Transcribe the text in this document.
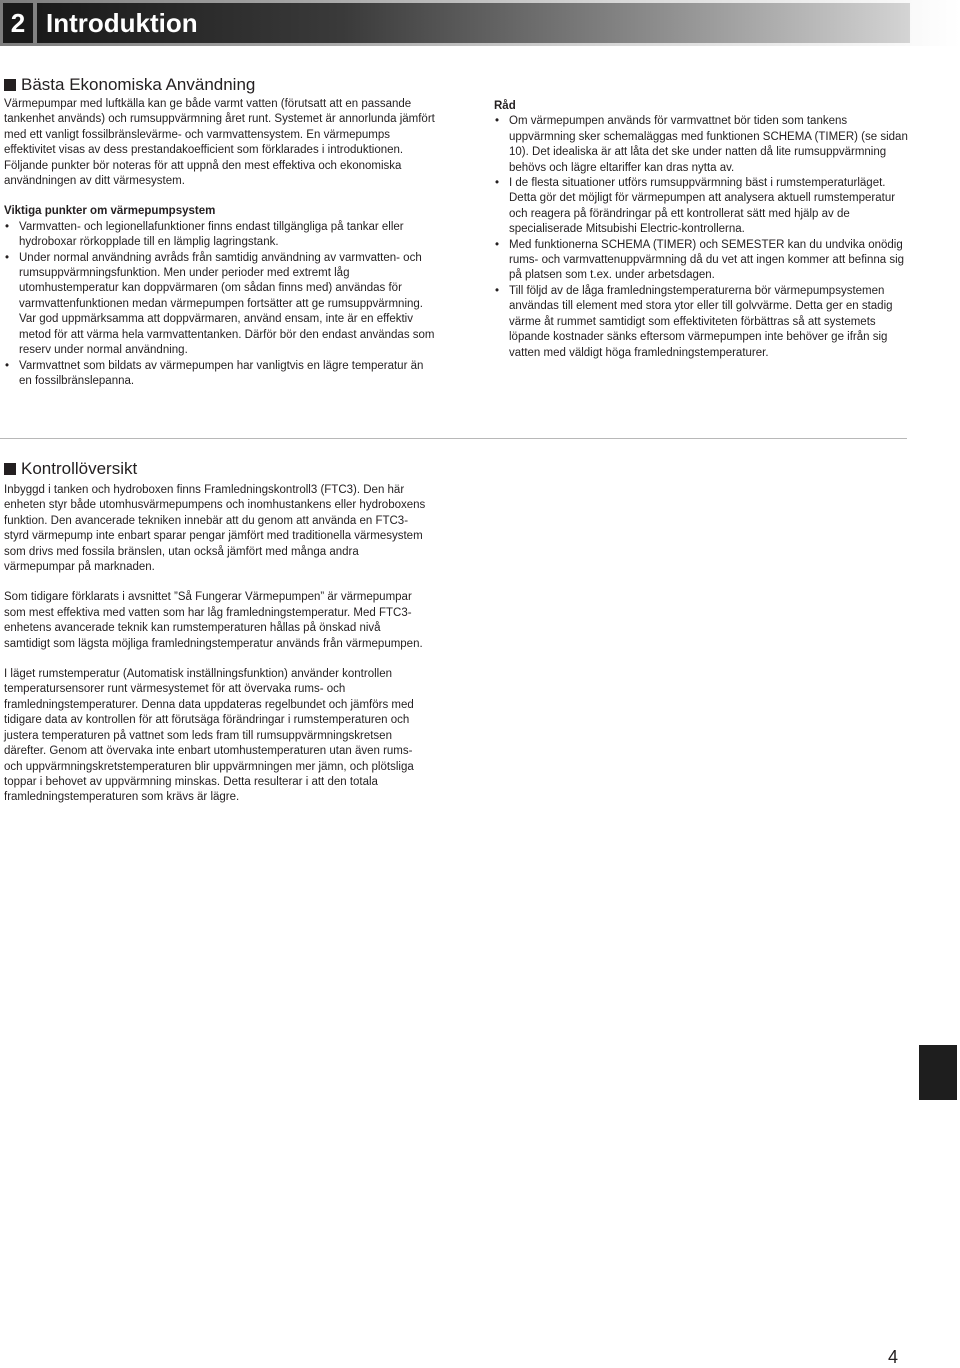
2 Introduktion
Bästa Ekonomiska Användning

Värmepumpar med luftkälla kan ge både varmt vatten (förutsatt att en passande tankenhet används) och rumsuppvärmning året runt. Systemet är annorlunda jämfört med ett vanligt fossilbränslevärme- och varmvattensystem. En värmepumps effektivitet visas av dess prestandakoefficient som förklarades i introduktionen. Följande punkter bör noteras för att uppnå den mest effektiva och ekonomiska användningen av ditt värmesystem.

Viktiga punkter om värmepumpsystem

• Varmvatten- och legionellafunktioner finns endast tillgängliga på tankar eller hydroboxar rörkopplade till en lämplig lagringstank.
• Under normal användning avråds från samtidig användning av varmvatten- och rumsuppvärmningsfunktion. Men under perioder med extremt låg utomhustemperatur kan doppvärmaren (om sådan finns med) användas för varmvattenfunktionen medan värmepumpen fortsätter att ge rumsuppvärmning. Var god uppmärksamma att doppvärmaren, använd ensam, inte är en effektiv metod för att värma hela varmvattentanken. Därför bör den endast användas som reserv under normal användning.
• Varmvattnet som bildats av värmepumpen har vanligtvis en lägre temperatur än en fossilbränslepanna.

Råd

• Om värmepumpen används för varmvattnet bör tiden som tankens uppvärmning sker schemaläggas med funktionen SCHEMA (TIMER) (se sidan 10). Det idealiska är att låta det ske under natten då lite rumsuppvärmning behövs och lägre eltariffer kan dras nytta av.
• I de flesta situationer utförs rumsuppvärmning bäst i rumstemperaturläget. Detta gör det möjligt för värmepumpen att analysera aktuell rumstemperatur och reagera på förändringar på ett kontrollerat sätt med hjälp av de specialiserade Mitsubishi Electric-kontrollerna.
• Med funktionerna SCHEMA (TIMER) och SEMESTER kan du undvika onödig rums- och varmvattenuppvärmning då du vet att ingen kommer att befinna sig på platsen som t.ex. under arbetsdagen.
• Till följd av de låga framledningstemperaturerna bör värmepumpsystemen användas till element med stora ytor eller till golvvärme. Detta ger en stadig värme åt rummet samtidigt som effektiviteten förbättras så att systemets löpande kostnader sänks eftersom värmepumpen inte behöver ge ifrån sig vatten med väldigt höga framledningstemperaturer.
Kontrollöversikt

Inbyggd i tanken och hydroboxen finns Framledningskontroll3 (FTC3). Den här enheten styr både utomhusvärmepumpens och inomhustankens eller hydroboxens funktion. Den avancerade tekniken innebär att du genom att använda en FTC3-styrd värmepump inte enbart sparar pengar jämfört med traditionella värmesystem som drivs med fossila bränslen, utan också jämfört med många andra värmepumpar på marknaden.

Som tidigare förklarats i avsnittet ”Så Fungerar Värmepumpen” är värmepumpar som mest effektiva med vatten som har låg framledningstemperatur. Med FTC3-enhetens avancerade teknik kan rumstemperaturen hållas på önskad nivå samtidigt som lägsta möjliga framledningstemperatur används från värmepumpen.

I läget rumstemperatur (Automatisk inställningsfunktion) använder kontrollen temperatursensorer runt värmesystemet för att övervaka rums- och framledningstemperaturer. Denna data uppdateras regelbundet och jämförs med tidigare data av kontrollen för att förutsäga förändringar i rumstemperaturen och justera temperaturen på vattnet som leds fram till rumsuppvärmningskretsen därefter. Genom att övervaka inte enbart utomhustemperaturen utan även rums- och uppvärmningskretstemperaturen blir uppvärmningen mer jämn, och plötsliga toppar i behovet av uppvärmning minskas. Detta resulterar i att den totala framledningstemperaturen som krävs är lägre.

4
